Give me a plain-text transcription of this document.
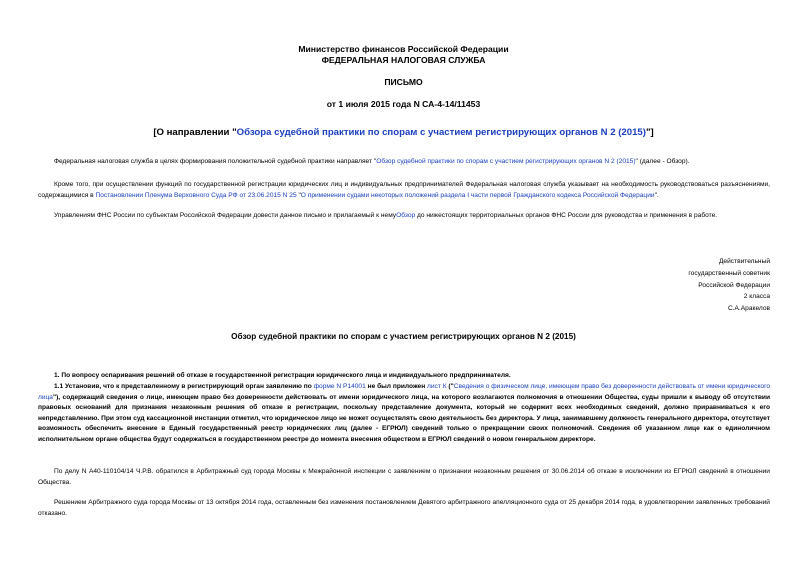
Министерство финансов Российской Федерации
ФЕДЕРАЛЬНАЯ НАЛОГОВАЯ СЛУЖБА
ПИСЬМО
от 1 июля 2015 года N СА-4-14/11453
[О направлении "Обзора судебной практики по спорам с участием регистрирующих органов N 2 (2015)"]
Федеральная налоговая служба в целях формирования положительной судебной практики направляет "Обзор судебной практики по спорам с участием регистрирующих органов N 2 (2015)" (далее - Обзор).
Кроме того, при осуществлении функций по государственной регистрации юридических лиц и индивидуальных предпринимателей Федеральная налоговая служба указывает на необходимость руководствоваться разъяснениями, содержащимися в Постановлении Пленума Верховного Суда РФ от 23.06.2015 N 25 "О применении судами некоторых положений раздела I части первой Гражданского кодекса Российской Федерации".
Управлениям ФНС России по субъектам Российской Федерации довести данное письмо и прилагаемый к немуОбзор до нижестоящих территориальных органов ФНС России для руководства и применения в работе.
Действительный
государственный советник
Российской Федерации
2 класса
С.А.Аракелов
Обзор судебной практики по спорам с участием регистрирующих органов N 2 (2015)
1. По вопросу оспаривания решений об отказе в государственной регистрации юридического лица и индивидуального предпринимателя.
1.1 Установив, что к представленному в регистрирующий орган заявлению по форме N Р14001 не был приложен лист К ("Сведения о физическом лице, имеющем право без доверенности действовать от имени юридического лица"), содержащий сведения о лице, имеющем право без доверенности действовать от имени юридического лица, на которого возлагаются полномочия в отношении Общества, суды пришли к выводу об отсутствии правовых оснований для признания незаконным решения об отказе в регистрации, поскольку представление документа, который не содержит всех необходимых сведений, должно приравниваться к его непредставлению. При этом суд кассационной инстанции отметил, что юридическое лицо не может осуществлять свою деятельность без директора. У лица, занимавшему должность генерального директора, отсутствует возможность обеспечить внесение в Единый государственный реестр юридических лиц (далее - ЕГРЮЛ) сведений только о прекращении своих полномочий. Сведения об указанном лице как о единоличном исполнительном органе общества будут содержаться в государственном реестре до момента внесения обществом в ЕГРЮЛ сведений о новом генеральном директоре.
По делу N А40-110104/14 Ч.Р.В. обратился в Арбитражный суд города Москвы к Межрайонной инспекции с заявлением о признании незаконным решения от 30.06.2014 об отказе в исключении из ЕГРЮЛ сведений в отношении Общества.
Решением Арбитражного суда города Москвы от 13 октября 2014 года, оставленным без изменения постановлением Девятого арбитражного апелляционного суда от 25 декабря 2014 года, в удовлетворении заявленных требований отказано.
